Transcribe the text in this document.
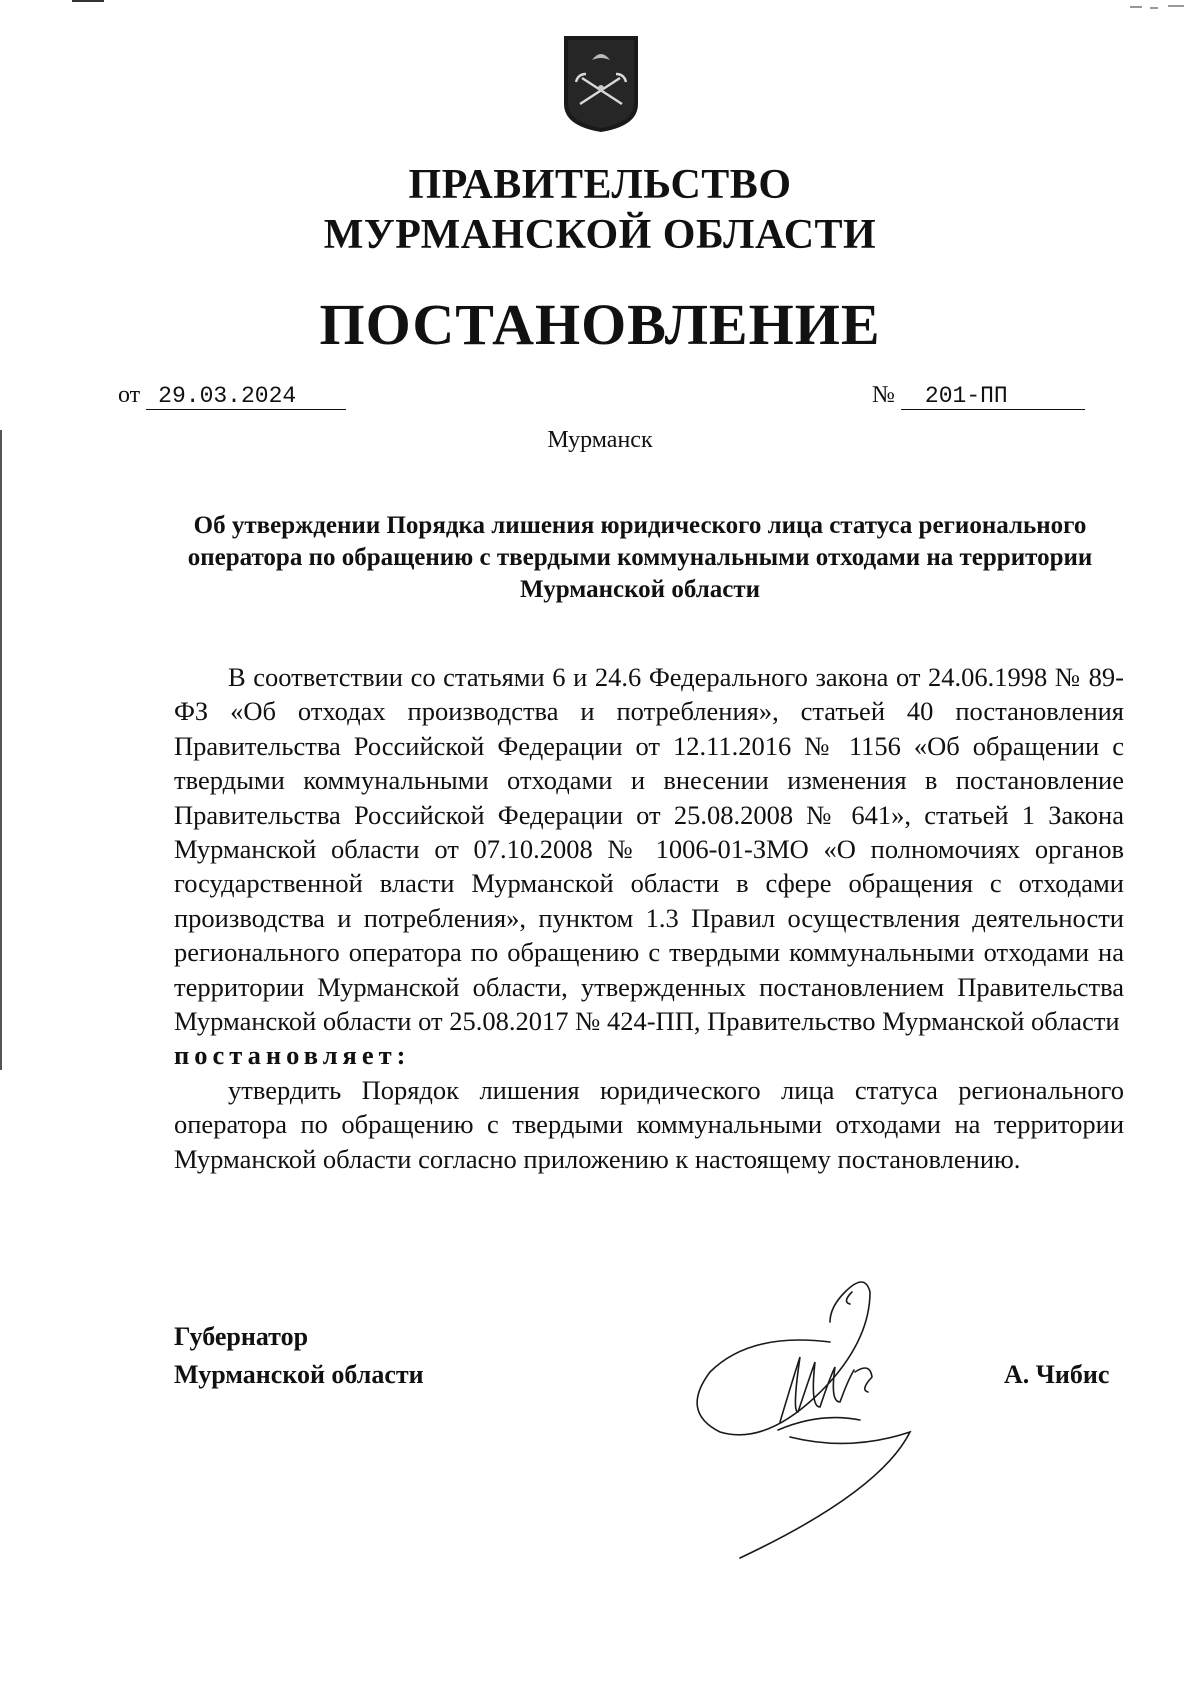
ПРАВИТЕЛЬСТВО
МУРМАНСКОЙ ОБЛАСТИ
ПОСТАНОВЛЕНИЕ
от 29.03.2024	№ 201-ПП
Мурманск
Об утверждении Порядка лишения юридического лица статуса регионального оператора по обращению с твердыми коммунальными отходами на территории Мурманской области

В соответствии со статьями 6 и 24.6 Федерального закона от 24.06.1998 № 89-ФЗ «Об отходах производства и потребления», статьей 40 постановления Правительства Российской Федерации от 12.11.2016 № 1156 «Об обращении с твердыми коммунальными отходами и внесении изменения в постановление Правительства Российской Федерации от 25.08.2008 № 641», статьей 1 Закона Мурманской области от 07.10.2008 № 1006-01-ЗМО «О полномочиях органов государственной власти Мурманской области в сфере обращения с отходами производства и потребления», пунктом 1.3 Правил осуществления деятельности регионального оператора по обращению с твердыми коммунальными отходами на территории Мурманской области, утвержденных постановлением Правительства Мурманской области от 25.08.2017 № 424-ПП, Правительство Мурманской области

постановляет:

утвердить Порядок лишения юридического лица статуса регионального оператора по обращению с твердыми коммунальными отходами на территории Мурманской области согласно приложению к настоящему постановлению.

Губернатор
Мурманской области	А. Чибис
